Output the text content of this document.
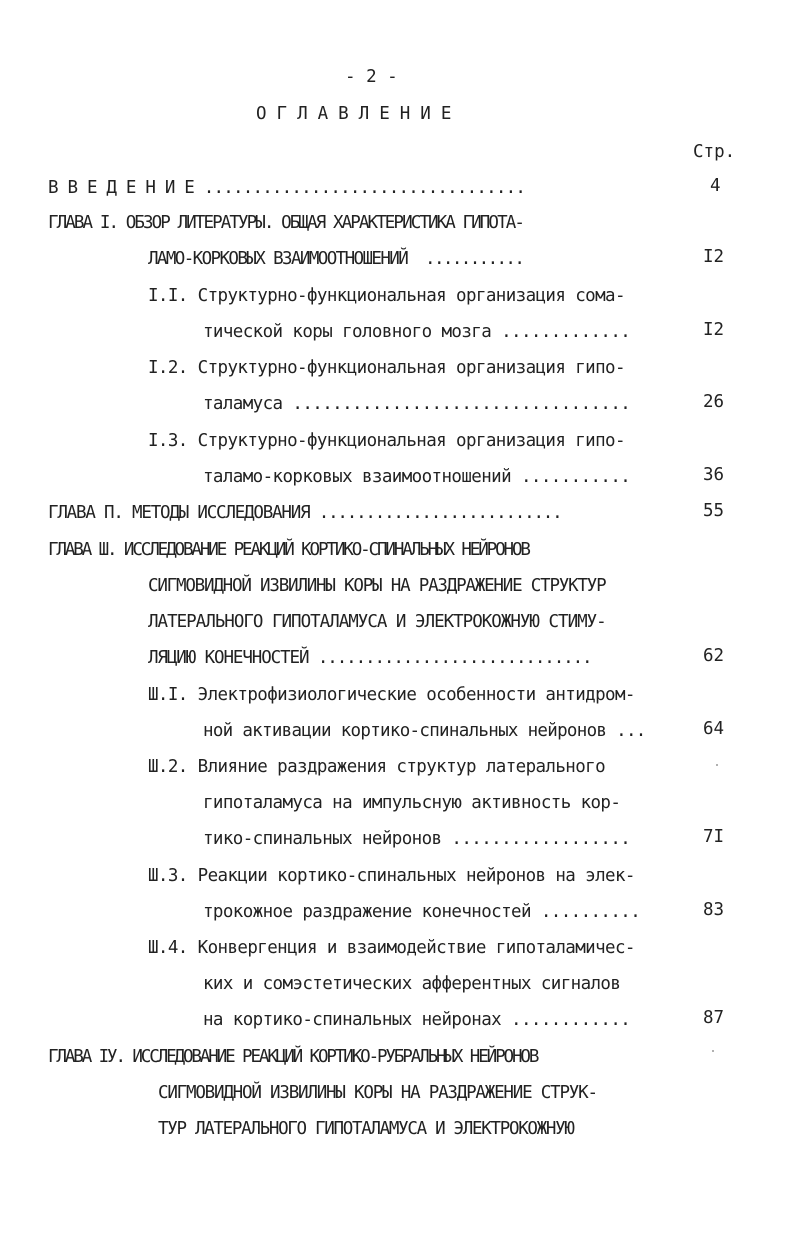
- 2 -
ОГЛАВЛЕНИЕ
Стр.
В В Е Д Е Н И Е .................................	4
ГЛАВА I. ОБЗОР ЛИТЕРАТУРЫ. ОБЩАЯ ХАРАКТЕРИСТИКА ГИПОТА-
ЛАМО-КОРКОВЫХ ВЗАИМООТНОШЕНИЙ  ...........	I2
I.I. Структурно-функциональная организация сома-
тической коры головного мозга .............	I2
I.2. Структурно-функциональная организация гипо-
таламуса ..................................	26
I.3. Структурно-функциональная организация гипо-
таламо-корковых взаимоотношений ...........	36
ГЛАВА П. МЕТОДЫ ИССЛЕДОВАНИЯ ..........................	55
ГЛАВА Ш. ИССЛЕДОВАНИЕ РЕАКЦИЙ КОРТИКО-СПИНАЛЬНЫХ НЕЙРОНОВ
СИГМОВИДНОЙ ИЗВИЛИНЫ КОРЫ НА РАЗДРАЖЕНИЕ СТРУКТУР
ЛАТЕРАЛЬНОГО ГИПОТАЛАМУСА И ЭЛЕКТРОКОЖНУЮ СТИМУ-
ЛЯЦИЮ КОНЕЧНОСТЕЙ .............................	62
Ш.I. Электрофизиологические особенности антидром-
ной активации кортико-спинальных нейронов ...	64
Ш.2. Влияние раздражения структур латерального
гипоталамуса на импульсную активность кор-
тико-спинальных нейронов ..................	7I
Ш.3. Реакции кортико-спинальных нейронов на элек-
трокожное раздражение конечностей ..........	83
Ш.4. Конвергенция и взаимодействие гипоталамичес-
ких и сомэстетических афферентных сигналов
на кортико-спинальных нейронах ............	87
ГЛАВА IУ. ИССЛЕДОВАНИЕ РЕАКЦИЙ КОРТИКО-РУБРАЛЬНЫХ НЕЙРОНОВ
СИГМОВИДНОЙ ИЗВИЛИНЫ КОРЫ НА РАЗДРАЖЕНИЕ СТРУК-
ТУР ЛАТЕРАЛЬНОГО ГИПОТАЛАМУСА И ЭЛЕКТРОКОЖНУЮ
